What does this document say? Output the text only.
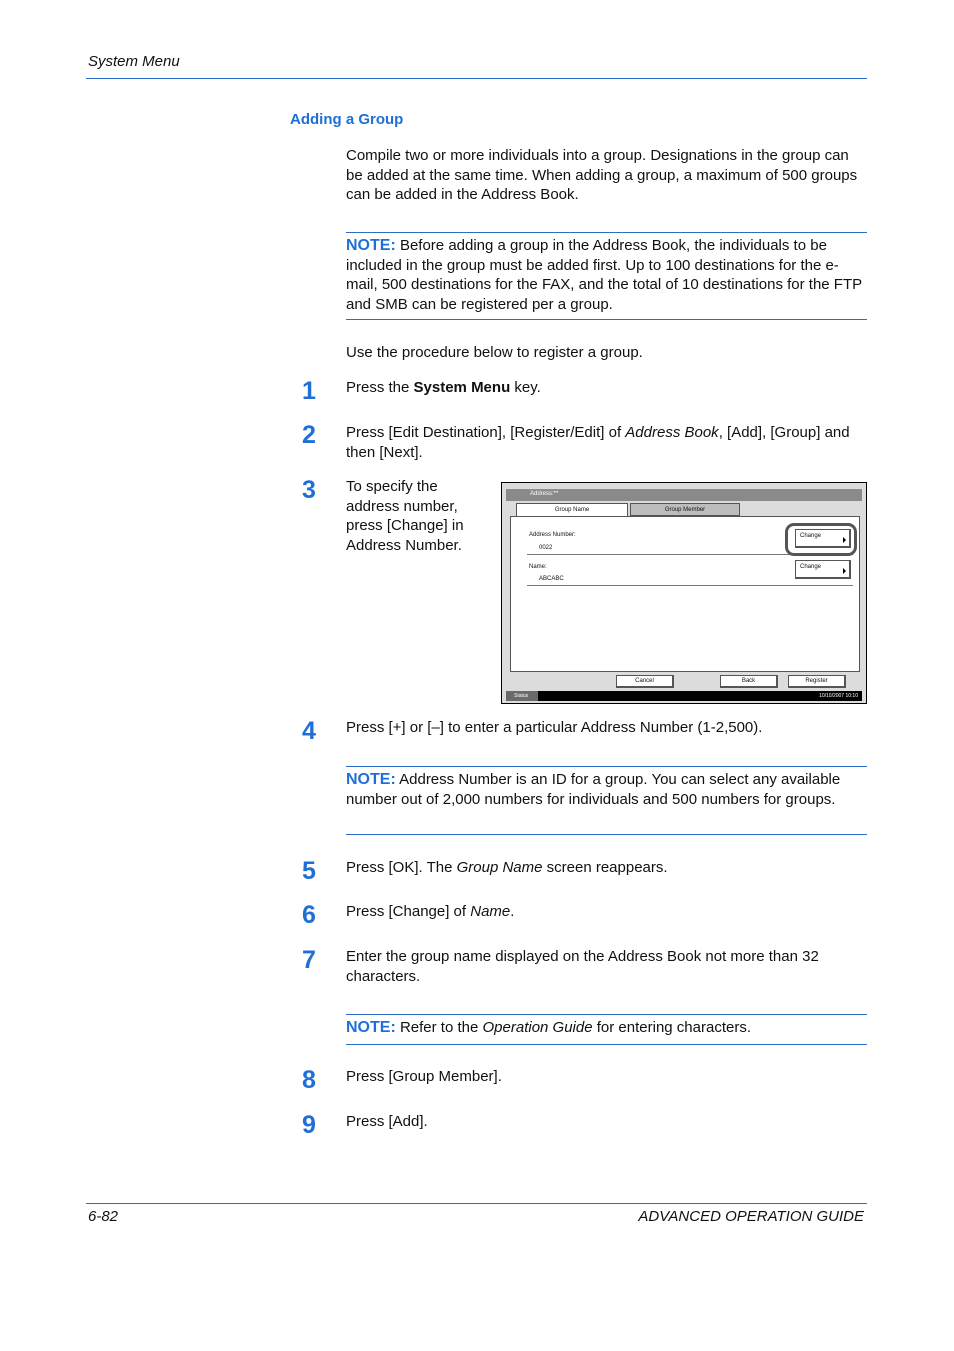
System Menu
Adding a Group
Compile two or more individuals into a group. Designations in the group can be added at the same time. When adding a group, a maximum of 500 groups can be added in the Address Book.
NOTE: Before adding a group in the Address Book, the individuals to be included in the group must be added first. Up to 100 destinations for the e-mail, 500 destinations for the FAX, and the total of 10 destinations for the FTP and SMB can be registered per a group.
Use the procedure below to register a group.
1 Press the System Menu key.
2 Press [Edit Destination], [Register/Edit] of Address Book, [Add], [Group] and then [Next].
3 To specify the address number, press [Change] in Address Number.
Address:**
Group Name	Group Member
Address Number:
0022
Change
Name:
ABCABC
Change
Cancel	Back	Register
Status	10/10/2007 10:10
4 Press [+] or [–] to enter a particular Address Number (1-2,500).
NOTE: Address Number is an ID for a group. You can select any available number out of 2,000 numbers for individuals and 500 numbers for groups.
5 Press [OK]. The Group Name screen reappears.
6 Press [Change] of Name.
7 Enter the group name displayed on the Address Book not more than 32 characters.
NOTE: Refer to the Operation Guide for entering characters.
8 Press [Group Member].
9 Press [Add].
6-82	ADVANCED OPERATION GUIDE
